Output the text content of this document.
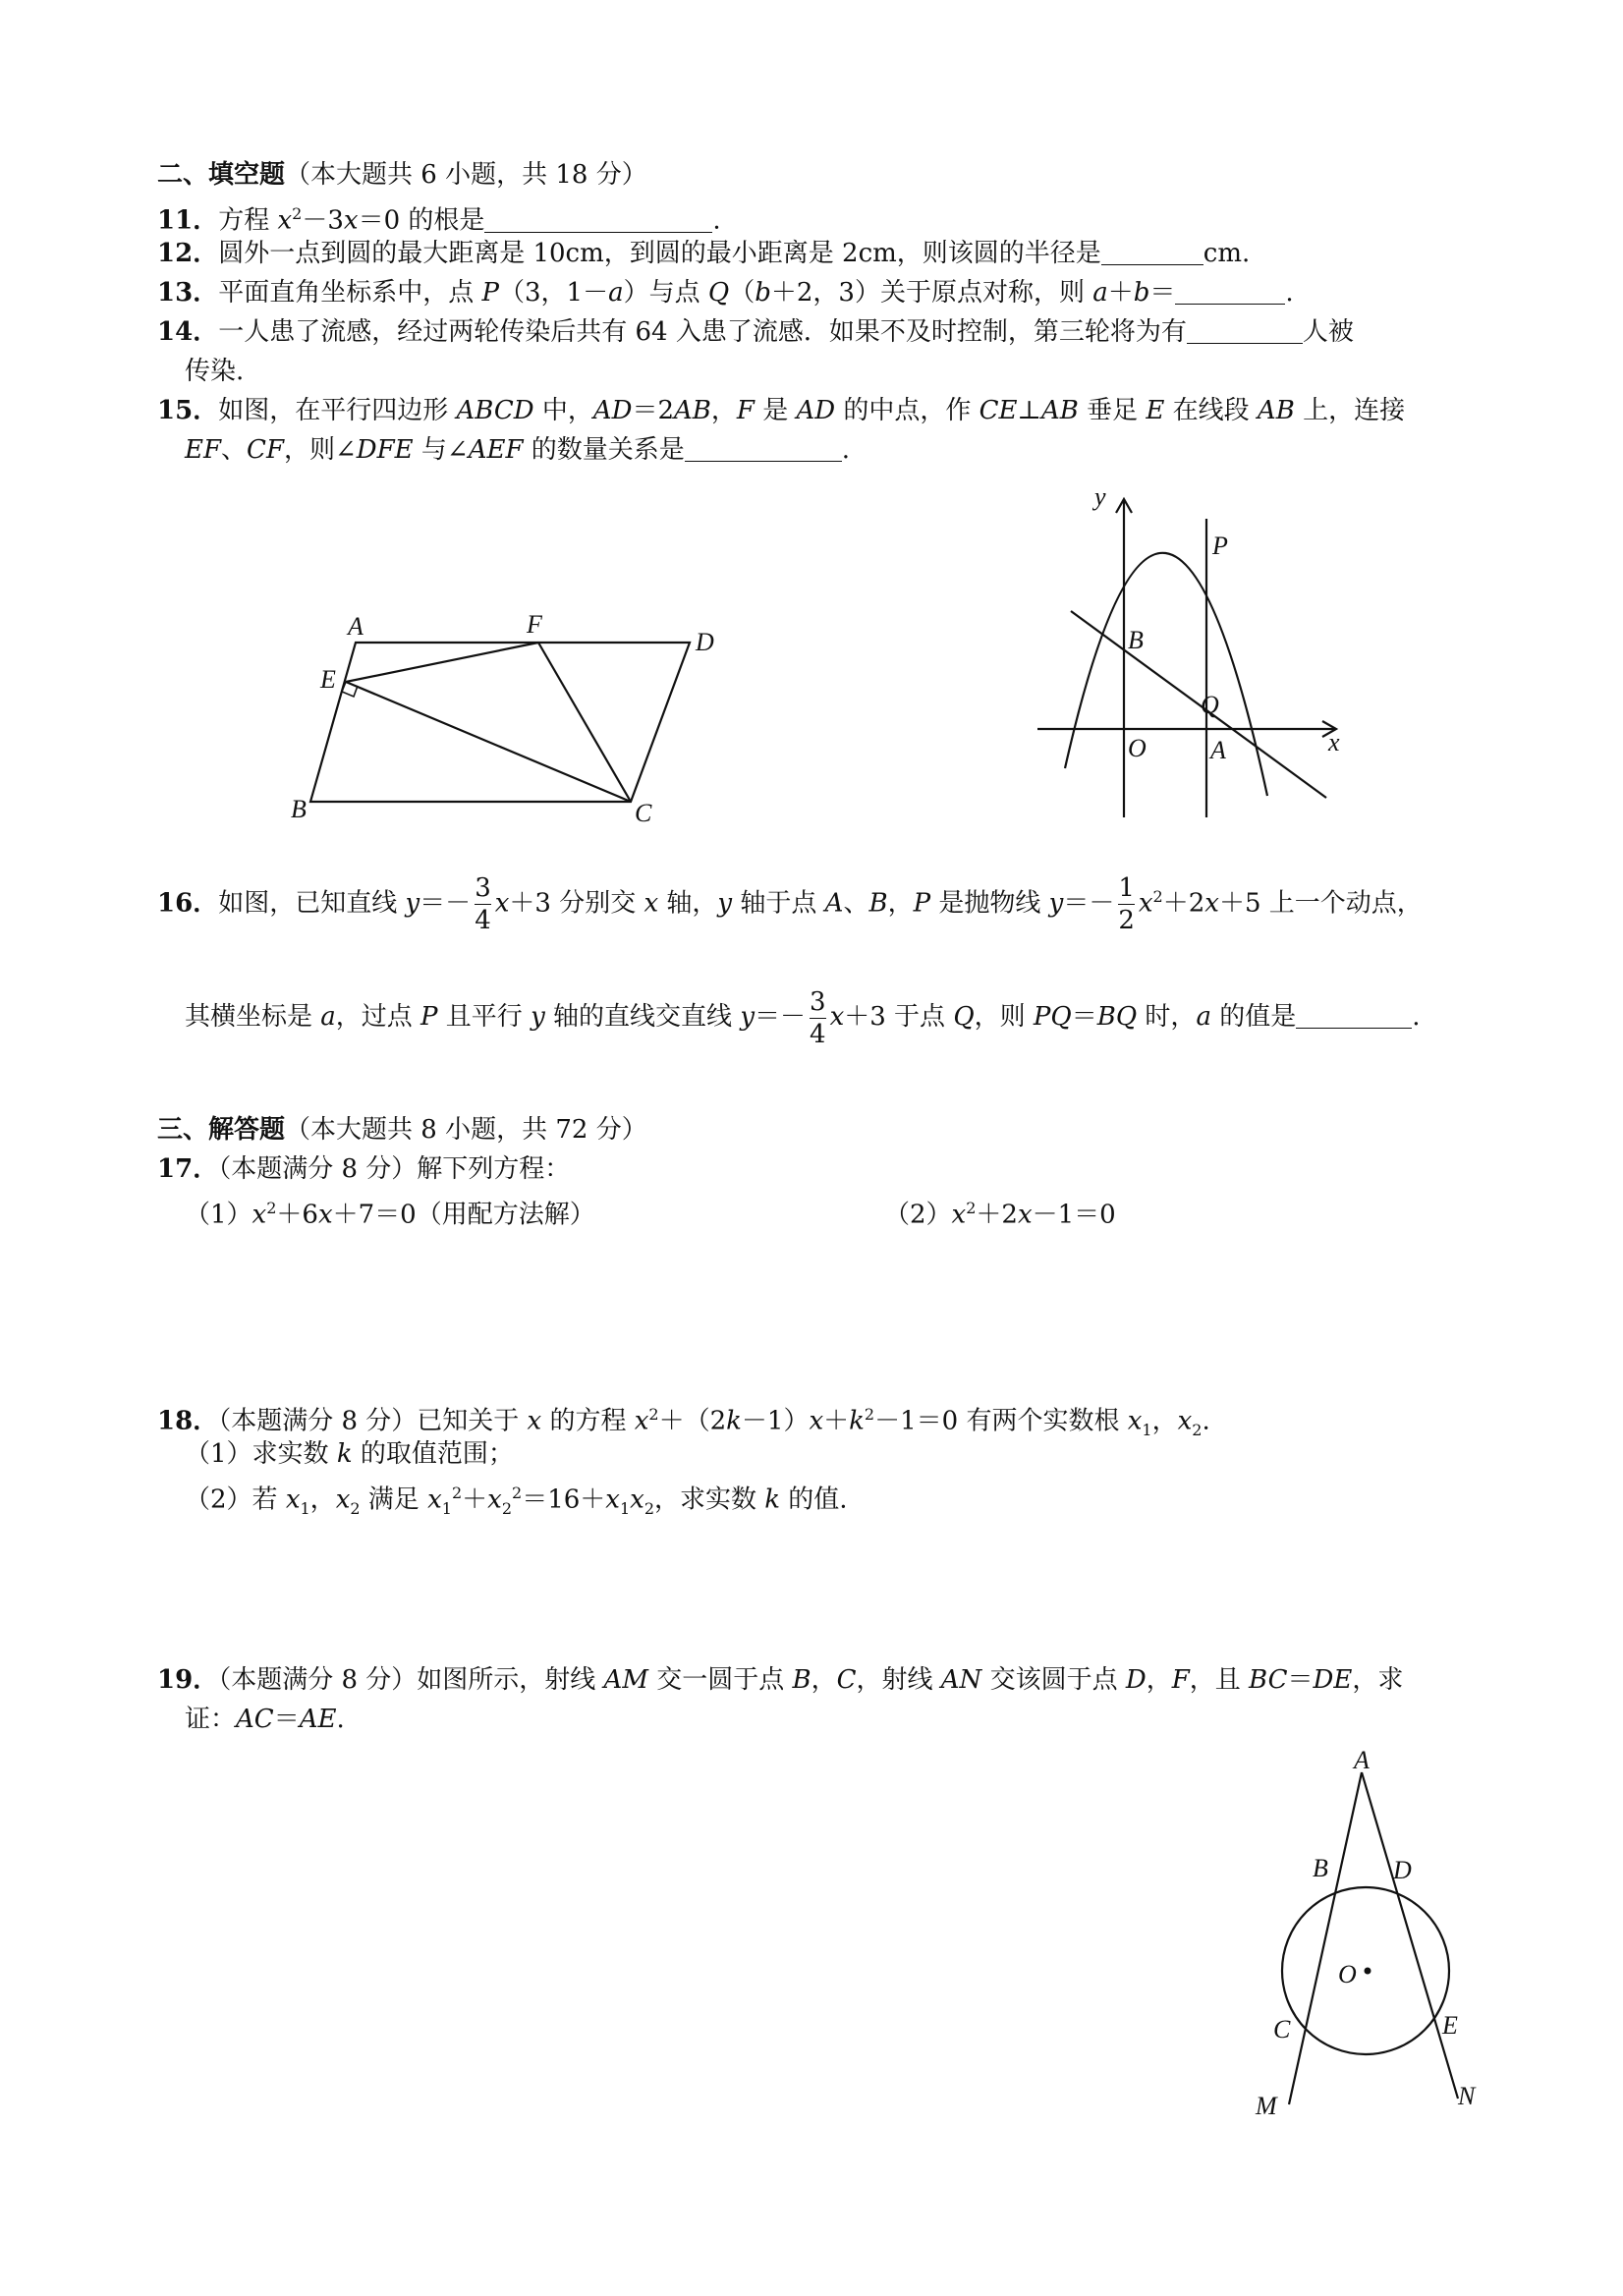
二、填空题（本大题共 6 小题，共 18 分）
11．方程 $x^2-3x=0$ 的根是	.
12．圆外一点到圆的最大距离是 10cm，到圆的最小距离是 2cm，则该圆的半径是	cm.
13．平面直角坐标系中，点 P（3，1－a）与点 Q（b＋2，3）关于原点对称，则 a＋b＝	.
14．一人患了流感，经过两轮传染后共有 64 入患了流感．如果不及时控制，第三轮将为有	人被
传染.
15．如图，在平行四边形 ABCD 中，AD＝2AB，F 是 AD 的中点，作 CE⊥AB 垂足 E 在线段 AB 上，连接
EF、CF，则∠DFE 与∠AEF 的数量关系是	.
A	F
D
E
B	C
y
x
P
B
Q
O	A
16．如图，已知直线 $y=- \frac{3}{4} x+3$ 分别交 x 轴，y 轴于点 A、B，P 是抛物线 $y=- \frac{1}{2} x^2+2x+5$ 上一个动点，
其横坐标是 a，过点 P 且平行 y 轴的直线交直线 $y=- \frac{3}{4} x+3$ 于点 Q，则 PQ＝BQ 时，a 的值是	.
三、解答题（本大题共 8 小题，共 72 分）
17．（本题满分 8 分）解下列方程：
$(1)x^2+6x+7=0$（用配方法解）	$(2)x^2+2x-1=0$
18．（本题满分 8 分）已知关于 x 的方程 $x^2+(2k-1)x+k^2-1=0$ 有两个实数根 $x_1$，$x_2$.
（1）求实数 k 的取值范围；
（2）若 $x_1$，$x_2$ 满足 $x_1^2+x_2^2=16+x_1x_2$，求实数 k 的值.
19．（本题满分 8 分）如图所示，射线 AM 交一圆于点 B，C，射线 AN 交该圆于点 D，F，且 BC＝DE，求
证：AC＝AE.
A
B	D
O
C	E
M	N
